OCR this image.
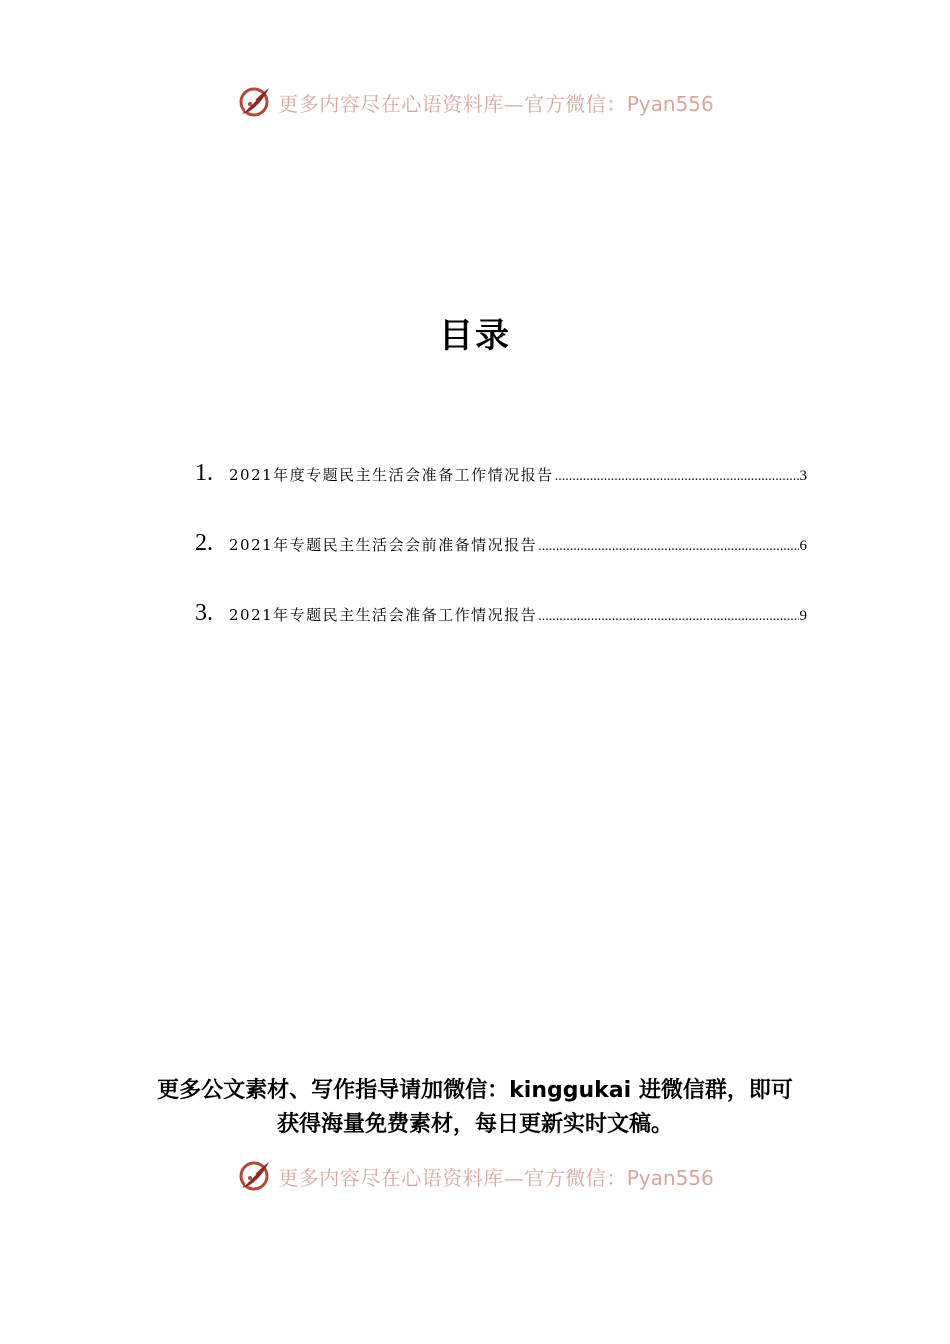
更多内容尽在心语资料库—官方微信：Pyan556
目录
1.	2021年度专题民主生活会准备工作情况报告 .....	3
2.	2021年专题民主生活会会前准备情况报告 .....	6
3.	2021年专题民主生活会准备工作情况报告 .....	9
更多公文素材、写作指导请加微信：kinggukai 进微信群，即可
获得海量免费素材，每日更新实时文稿。
更多内容尽在心语资料库—官方微信：Pyan556
